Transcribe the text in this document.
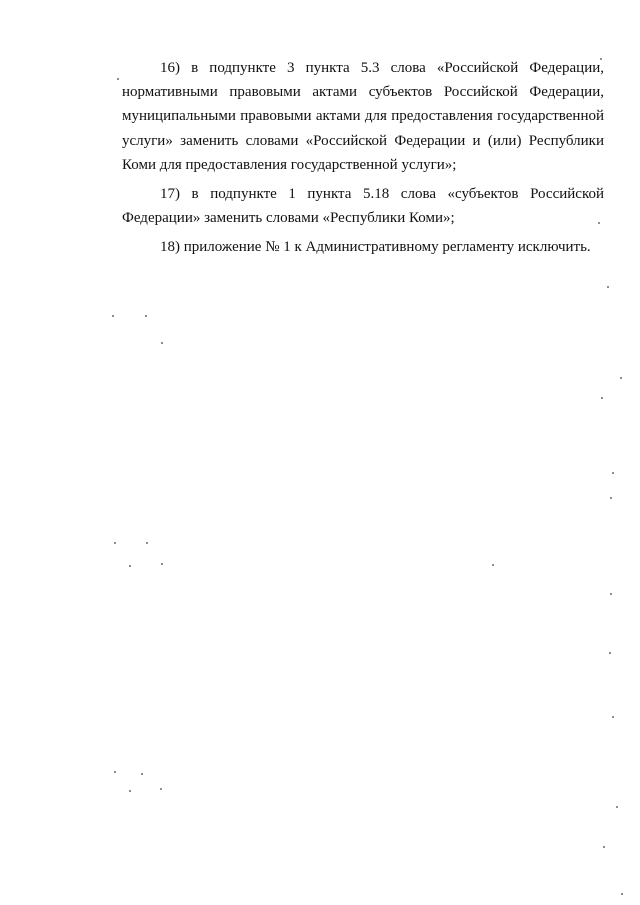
16) в подпункте 3 пункта 5.3 слова «Российской Федерации, нормативными правовыми актами субъектов Российской Федерации, муниципальными правовыми актами для предоставления государственной услуги» заменить словами «Российской Федерации и (или) Республики Коми для предоставления государственной услуги»;

17) в подпункте 1 пункта 5.18 слова «субъектов Российской Федерации» заменить словами «Республики Коми»;

18) приложение № 1 к Административному регламенту исключить.
